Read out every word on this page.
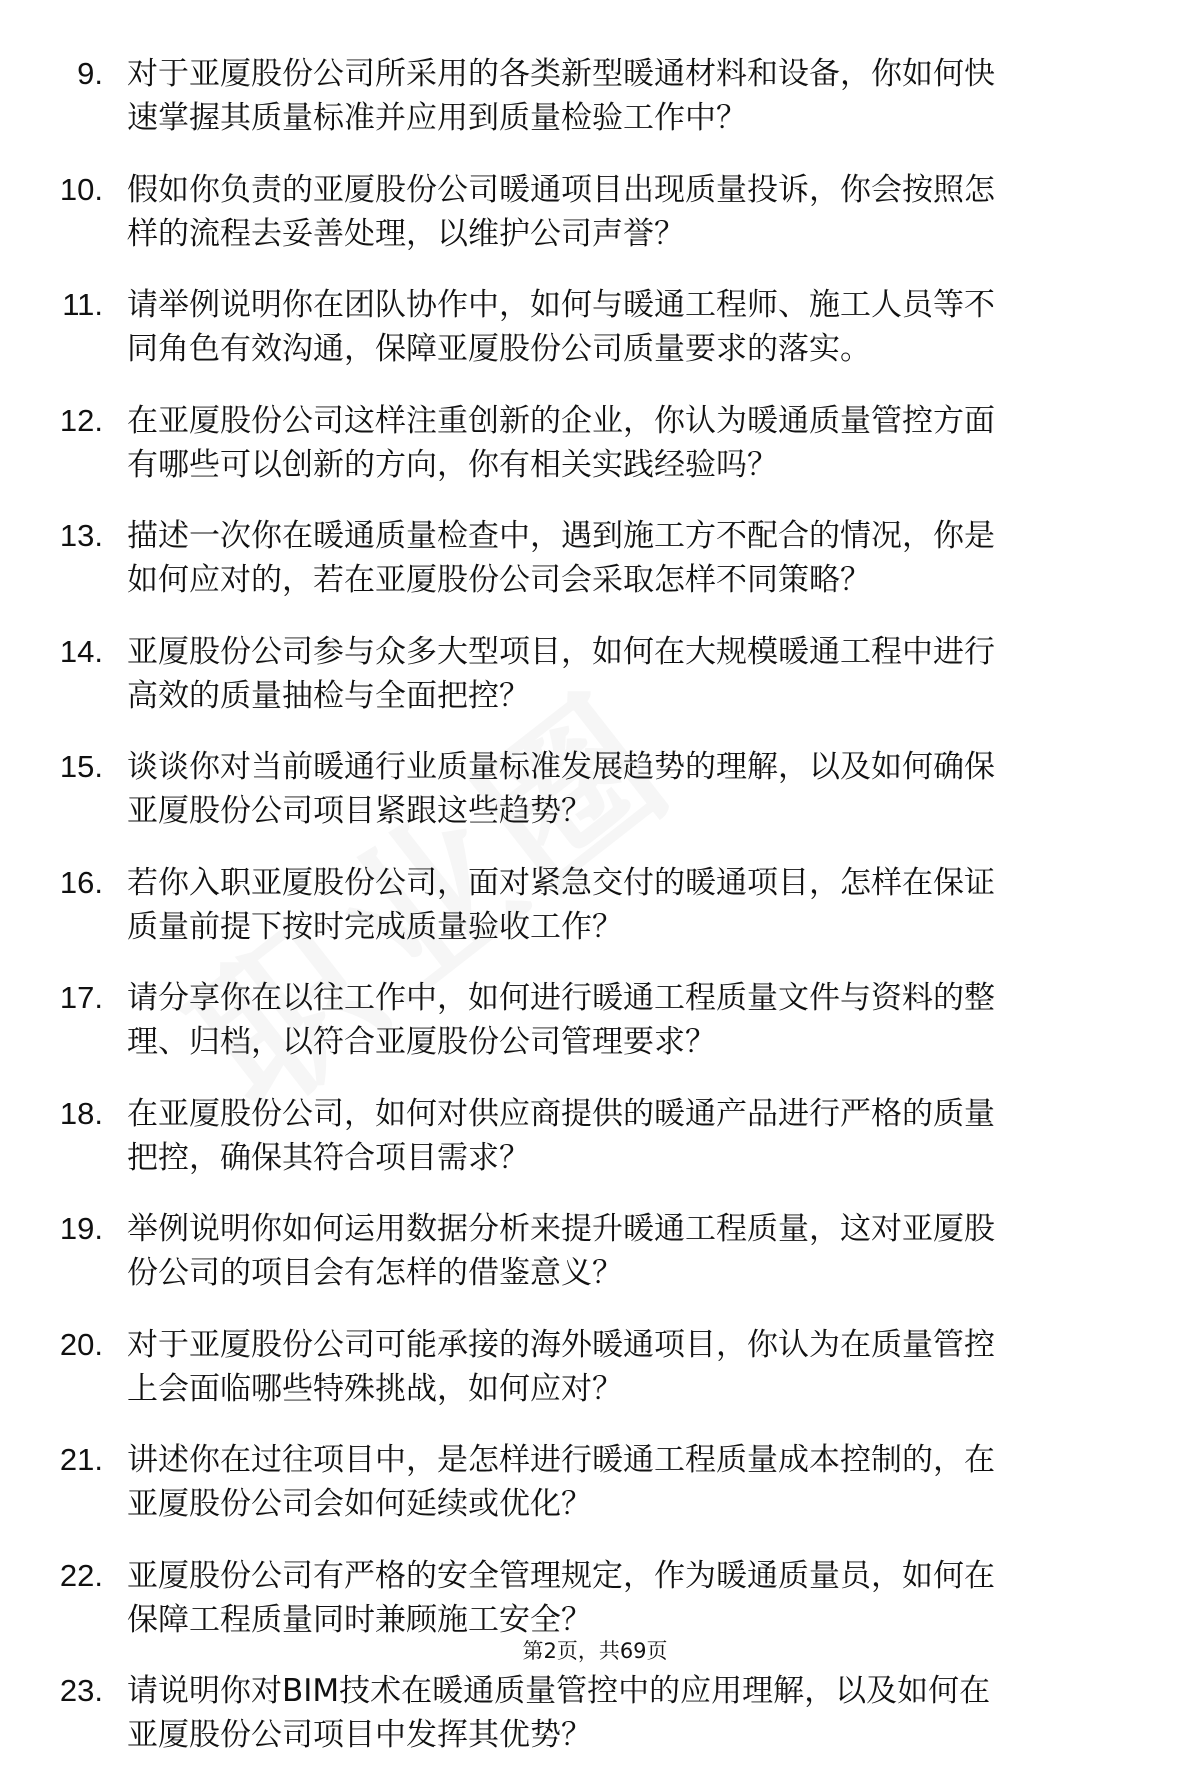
9. 对于亚厦股份公司所采用的各类新型暖通材料和设备，你如何快
速掌握其质量标准并应用到质量检验工作中？
10. 假如你负责的亚厦股份公司暖通项目出现质量投诉，你会按照怎
样的流程去妥善处理，以维护公司声誉？
11. 请举例说明你在团队协作中，如何与暖通工程师、施工人员等不
同角色有效沟通，保障亚厦股份公司质量要求的落实。
12. 在亚厦股份公司这样注重创新的企业，你认为暖通质量管控方面
有哪些可以创新的方向，你有相关实践经验吗？
13. 描述一次你在暖通质量检查中，遇到施工方不配合的情况，你是
如何应对的，若在亚厦股份公司会采取怎样不同策略？
14. 亚厦股份公司参与众多大型项目，如何在大规模暖通工程中进行
高效的质量抽检与全面把控？
15. 谈谈你对当前暖通行业质量标准发展趋势的理解，以及如何确保
亚厦股份公司项目紧跟这些趋势？
16. 若你入职亚厦股份公司，面对紧急交付的暖通项目，怎样在保证
质量前提下按时完成质量验收工作？
17. 请分享你在以往工作中，如何进行暖通工程质量文件与资料的整
理、归档，以符合亚厦股份公司管理要求？
18. 在亚厦股份公司，如何对供应商提供的暖通产品进行严格的质量
把控，确保其符合项目需求？
19. 举例说明你如何运用数据分析来提升暖通工程质量，这对亚厦股
份公司的项目会有怎样的借鉴意义？
20. 对于亚厦股份公司可能承接的海外暖通项目，你认为在质量管控
上会面临哪些特殊挑战，如何应对？
21. 讲述你在过往项目中，是怎样进行暖通工程质量成本控制的，在
亚厦股份公司会如何延续或优化？
22. 亚厦股份公司有严格的安全管理规定，作为暖通质量员，如何在
保障工程质量同时兼顾施工安全？
23. 请说明你对BIM技术在暖通质量管控中的应用理解，以及如何在
亚厦股份公司项目中发挥其优势？
第2页，共69页
